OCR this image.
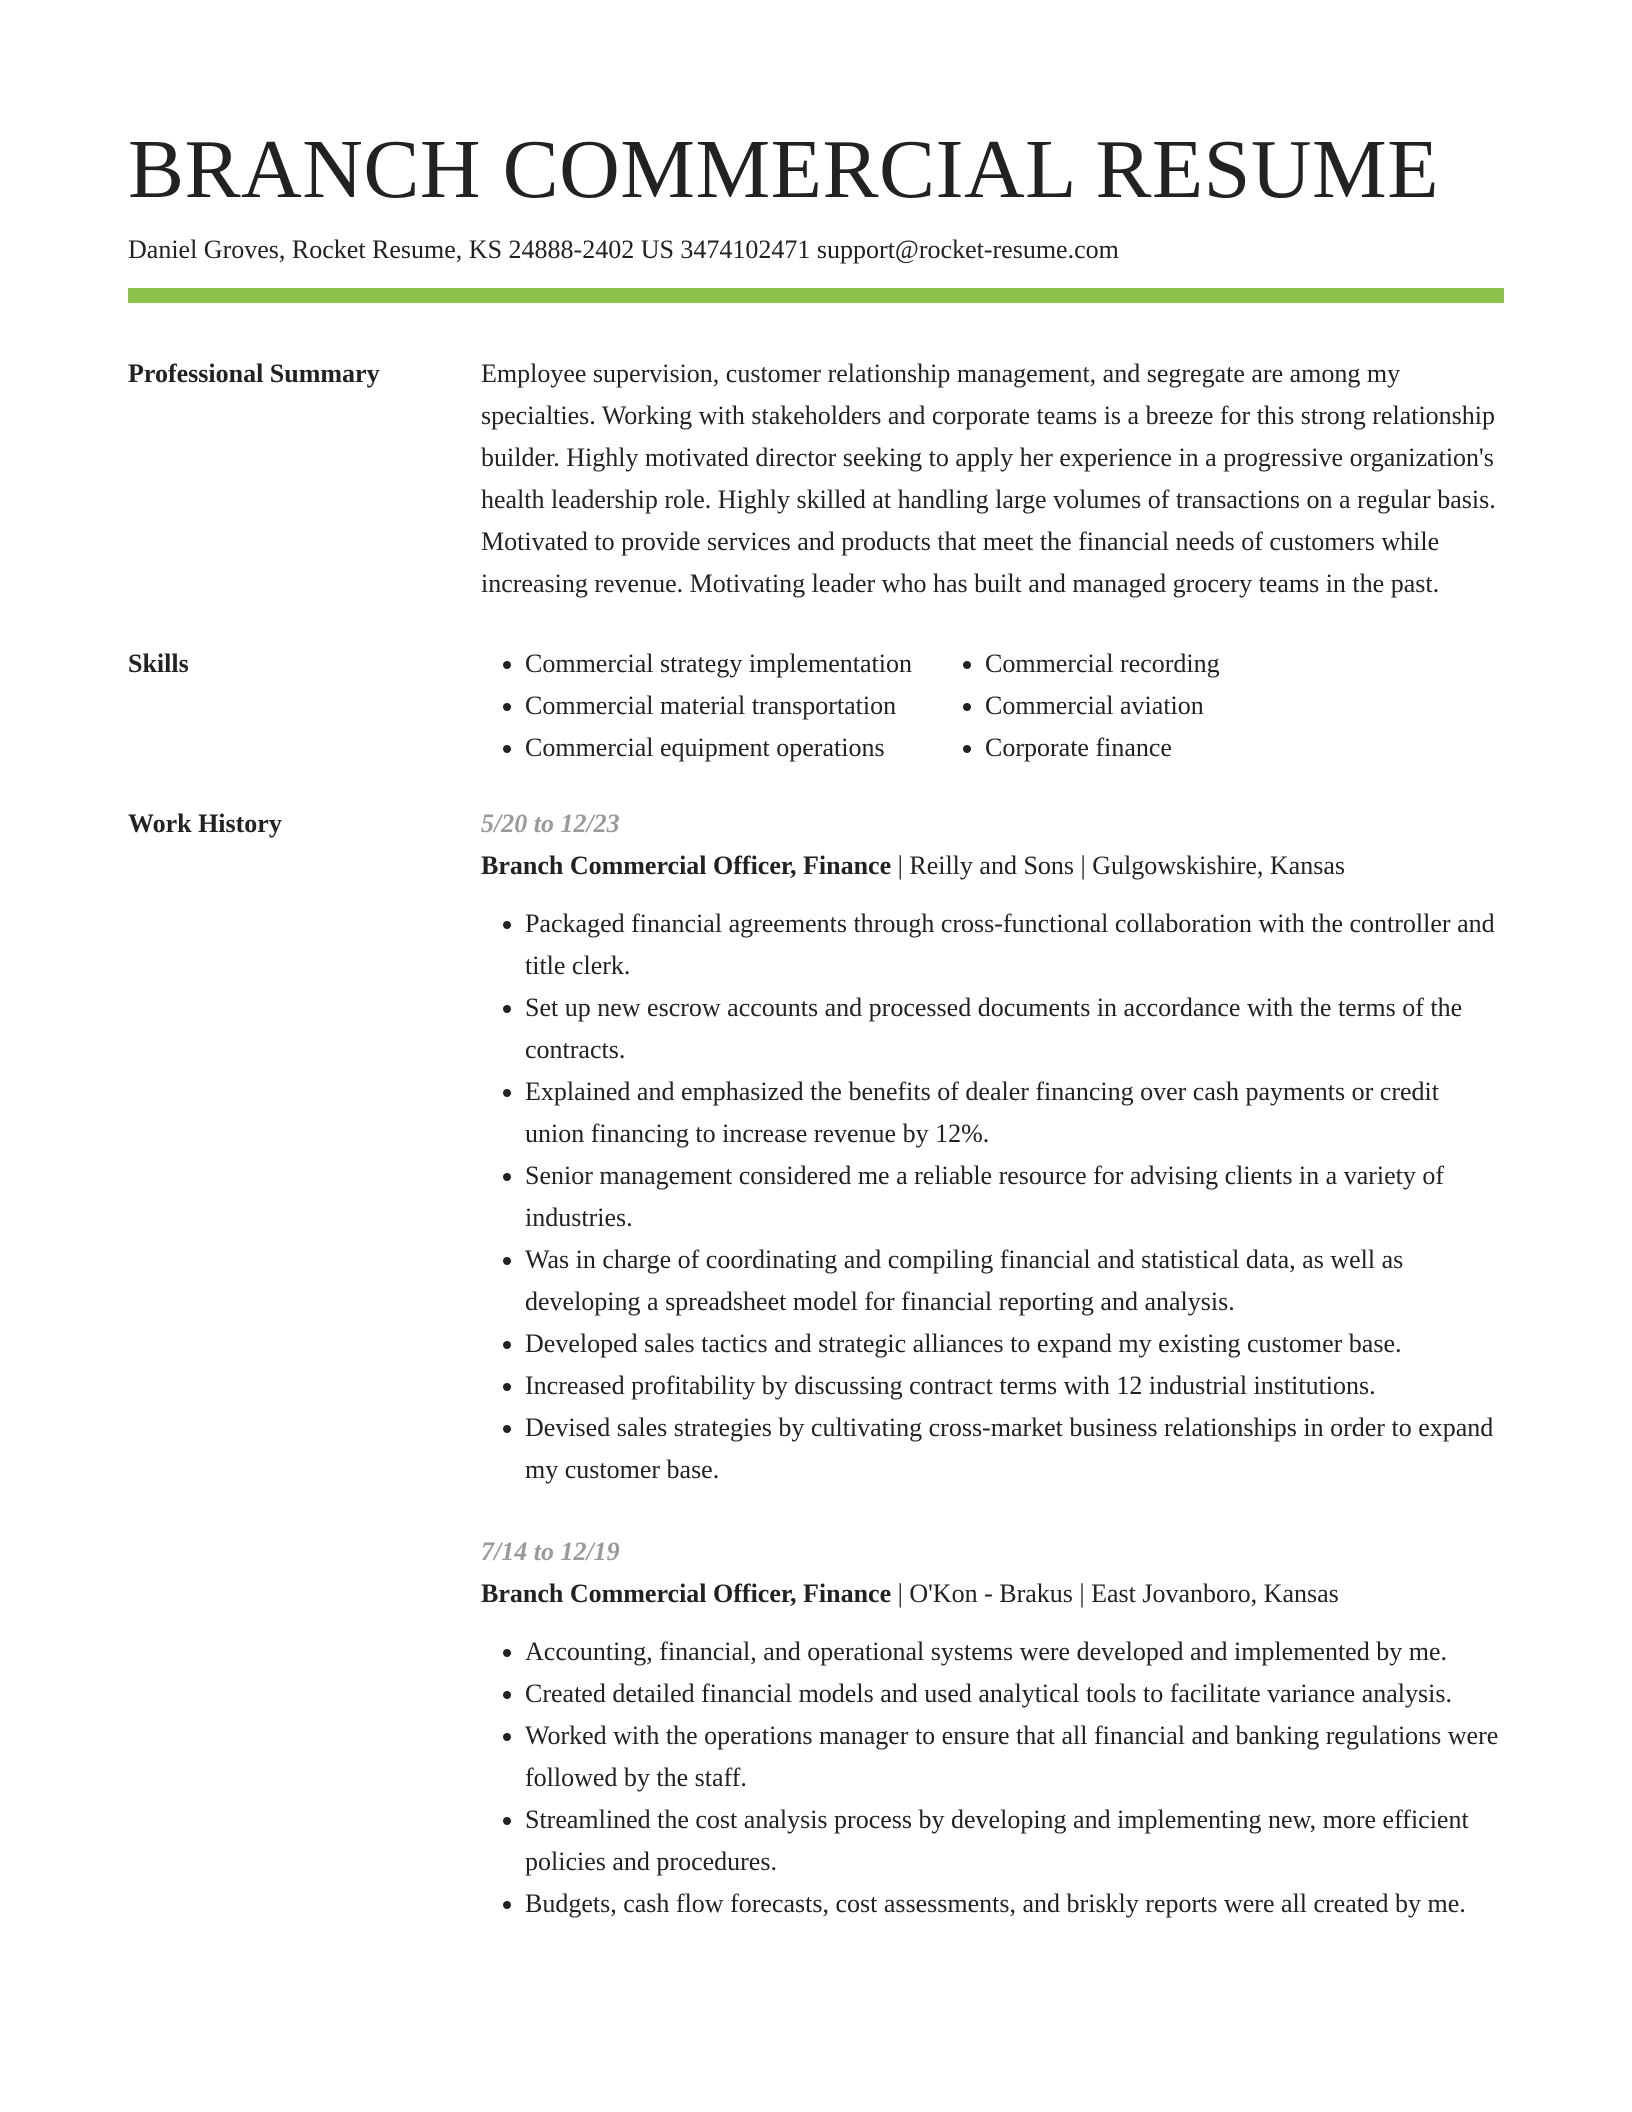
BRANCH COMMERCIAL RESUME
Daniel Groves, Rocket Resume, KS 24888-2402 US 3474102471 support@rocket-resume.com
Professional Summary	Employee supervision, customer relationship management, and segregate are among my specialties. Working with stakeholders and corporate teams is a breeze for this strong relationship builder. Highly motivated director seeking to apply her experience in a progressive organization's health leadership role. Highly skilled at handling large volumes of transactions on a regular basis. Motivated to provide services and products that meet the financial needs of customers while increasing revenue. Motivating leader who has built and managed grocery teams in the past.

Skills
•	Commercial strategy implementation
• Commercial material transportation
• Commercial equipment operations
• Commercial recording
• Commercial aviation
• Corporate finance
Work History	5/20 to 12/23
Branch Commercial Officer, Finance | Reilly and Sons | Gulgowskishire, Kansas
• Packaged financial agreements through cross-functional collaboration with the controller and title clerk.
• Set up new escrow accounts and processed documents in accordance with the terms of the contracts.
• Explained and emphasized the benefits of dealer financing over cash payments or credit union financing to increase revenue by 12%.
• Senior management considered me a reliable resource for advising clients in a variety of industries.
• Was in charge of coordinating and compiling financial and statistical data, as well as developing a spreadsheet model for financial reporting and analysis.
• Developed sales tactics and strategic alliances to expand my existing customer base.
• Increased profitability by discussing contract terms with 12 industrial institutions.
• Devised sales strategies by cultivating cross-market business relationships in order to expand my customer base.
7/14 to 12/19
Branch Commercial Officer, Finance | O'Kon - Brakus | East Jovanboro, Kansas
• Accounting, financial, and operational systems were developed and implemented by me.
• Created detailed financial models and used analytical tools to facilitate variance analysis.
• Worked with the operations manager to ensure that all financial and banking regulations were followed by the staff.
• Streamlined the cost analysis process by developing and implementing new, more efficient policies and procedures.
• Budgets, cash flow forecasts, cost assessments, and briskly reports were all created by me.
